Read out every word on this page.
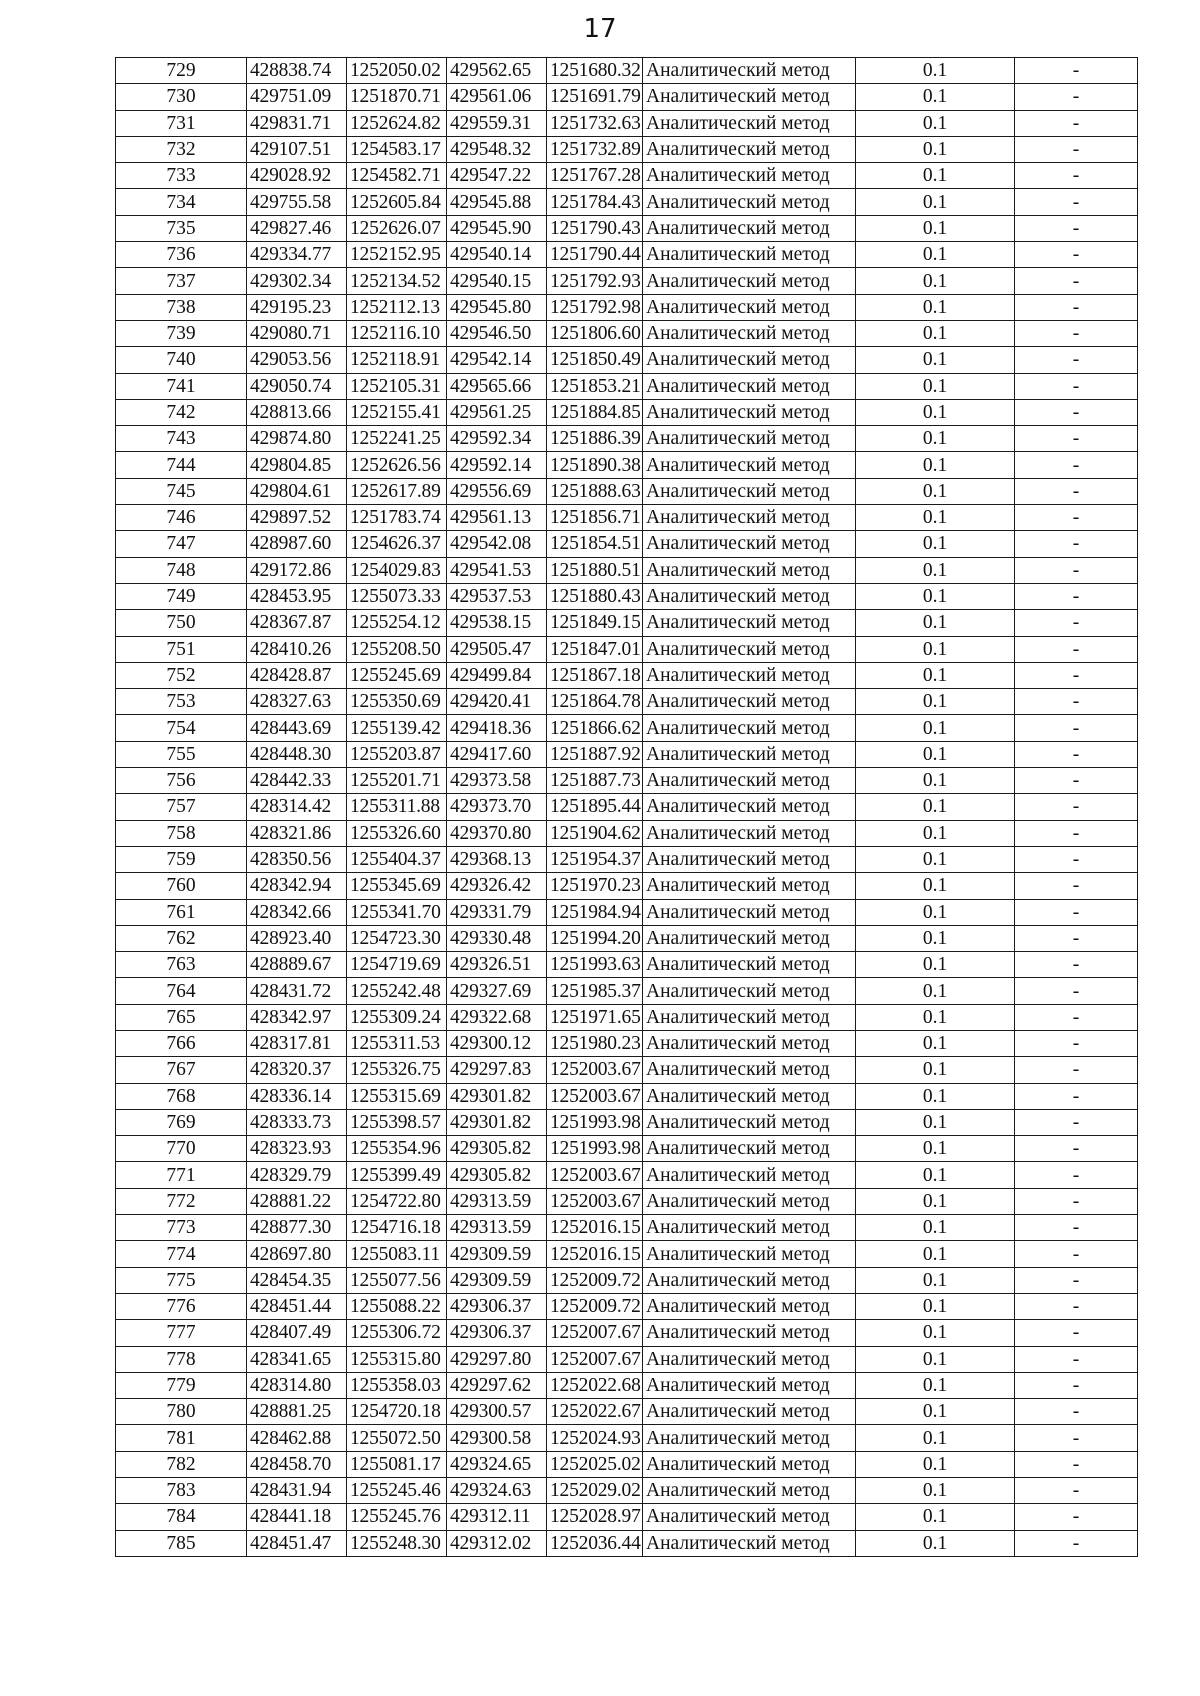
17
729	428838.74	1252050.02	429562.65	1251680.32	Аналитический метод	0.1	-
730	429751.09	1251870.71	429561.06	1251691.79	Аналитический метод	0.1	-
731	429831.71	1252624.82	429559.31	1251732.63	Аналитический метод	0.1	-
732	429107.51	1254583.17	429548.32	1251732.89	Аналитический метод	0.1	-
733	429028.92	1254582.71	429547.22	1251767.28	Аналитический метод	0.1	-
734	429755.58	1252605.84	429545.88	1251784.43	Аналитический метод	0.1	-
735	429827.46	1252626.07	429545.90	1251790.43	Аналитический метод	0.1	-
736	429334.77	1252152.95	429540.14	1251790.44	Аналитический метод	0.1	-
737	429302.34	1252134.52	429540.15	1251792.93	Аналитический метод	0.1	-
738	429195.23	1252112.13	429545.80	1251792.98	Аналитический метод	0.1	-
739	429080.71	1252116.10	429546.50	1251806.60	Аналитический метод	0.1	-
740	429053.56	1252118.91	429542.14	1251850.49	Аналитический метод	0.1	-
741	429050.74	1252105.31	429565.66	1251853.21	Аналитический метод	0.1	-
742	428813.66	1252155.41	429561.25	1251884.85	Аналитический метод	0.1	-
743	429874.80	1252241.25	429592.34	1251886.39	Аналитический метод	0.1	-
744	429804.85	1252626.56	429592.14	1251890.38	Аналитический метод	0.1	-
745	429804.61	1252617.89	429556.69	1251888.63	Аналитический метод	0.1	-
746	429897.52	1251783.74	429561.13	1251856.71	Аналитический метод	0.1	-
747	428987.60	1254626.37	429542.08	1251854.51	Аналитический метод	0.1	-
748	429172.86	1254029.83	429541.53	1251880.51	Аналитический метод	0.1	-
749	428453.95	1255073.33	429537.53	1251880.43	Аналитический метод	0.1	-
750	428367.87	1255254.12	429538.15	1251849.15	Аналитический метод	0.1	-
751	428410.26	1255208.50	429505.47	1251847.01	Аналитический метод	0.1	-
752	428428.87	1255245.69	429499.84	1251867.18	Аналитический метод	0.1	-
753	428327.63	1255350.69	429420.41	1251864.78	Аналитический метод	0.1	-
754	428443.69	1255139.42	429418.36	1251866.62	Аналитический метод	0.1	-
755	428448.30	1255203.87	429417.60	1251887.92	Аналитический метод	0.1	-
756	428442.33	1255201.71	429373.58	1251887.73	Аналитический метод	0.1	-
757	428314.42	1255311.88	429373.70	1251895.44	Аналитический метод	0.1	-
758	428321.86	1255326.60	429370.80	1251904.62	Аналитический метод	0.1	-
759	428350.56	1255404.37	429368.13	1251954.37	Аналитический метод	0.1	-
760	428342.94	1255345.69	429326.42	1251970.23	Аналитический метод	0.1	-
761	428342.66	1255341.70	429331.79	1251984.94	Аналитический метод	0.1	-
762	428923.40	1254723.30	429330.48	1251994.20	Аналитический метод	0.1	-
763	428889.67	1254719.69	429326.51	1251993.63	Аналитический метод	0.1	-
764	428431.72	1255242.48	429327.69	1251985.37	Аналитический метод	0.1	-
765	428342.97	1255309.24	429322.68	1251971.65	Аналитический метод	0.1	-
766	428317.81	1255311.53	429300.12	1251980.23	Аналитический метод	0.1	-
767	428320.37	1255326.75	429297.83	1252003.67	Аналитический метод	0.1	-
768	428336.14	1255315.69	429301.82	1252003.67	Аналитический метод	0.1	-
769	428333.73	1255398.57	429301.82	1251993.98	Аналитический метод	0.1	-
770	428323.93	1255354.96	429305.82	1251993.98	Аналитический метод	0.1	-
771	428329.79	1255399.49	429305.82	1252003.67	Аналитический метод	0.1	-
772	428881.22	1254722.80	429313.59	1252003.67	Аналитический метод	0.1	-
773	428877.30	1254716.18	429313.59	1252016.15	Аналитический метод	0.1	-
774	428697.80	1255083.11	429309.59	1252016.15	Аналитический метод	0.1	-
775	428454.35	1255077.56	429309.59	1252009.72	Аналитический метод	0.1	-
776	428451.44	1255088.22	429306.37	1252009.72	Аналитический метод	0.1	-
777	428407.49	1255306.72	429306.37	1252007.67	Аналитический метод	0.1	-
778	428341.65	1255315.80	429297.80	1252007.67	Аналитический метод	0.1	-
779	428314.80	1255358.03	429297.62	1252022.68	Аналитический метод	0.1	-
780	428881.25	1254720.18	429300.57	1252022.67	Аналитический метод	0.1	-
781	428462.88	1255072.50	429300.58	1252024.93	Аналитический метод	0.1	-
782	428458.70	1255081.17	429324.65	1252025.02	Аналитический метод	0.1	-
783	428431.94	1255245.46	429324.63	1252029.02	Аналитический метод	0.1	-
784	428441.18	1255245.76	429312.11	1252028.97	Аналитический метод	0.1	-
785	428451.47	1255248.30	429312.02	1252036.44	Аналитический метод	0.1	-
